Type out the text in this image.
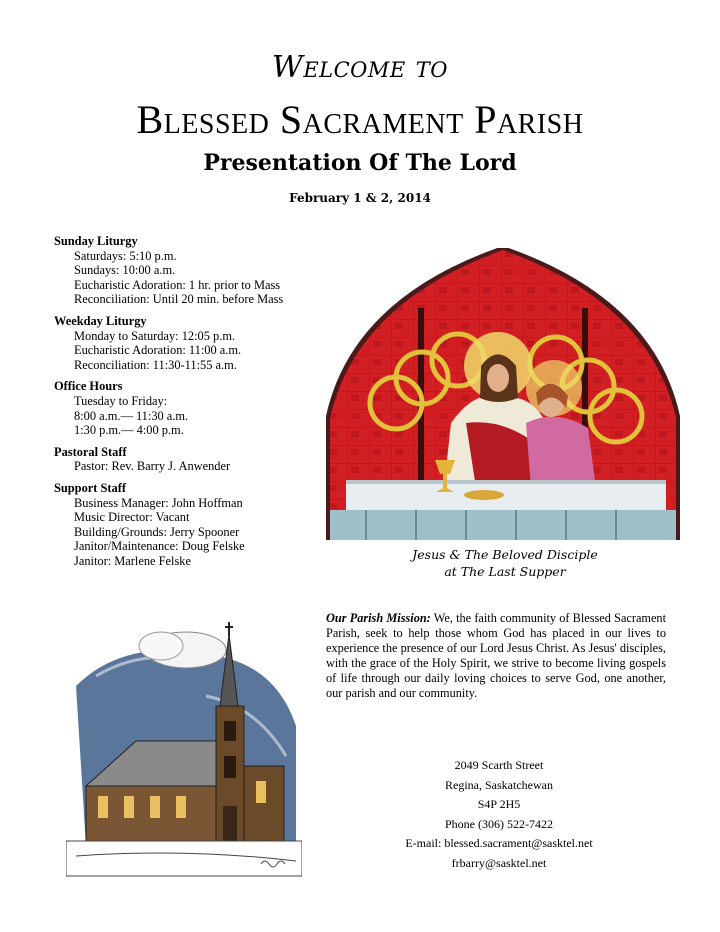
Welcome to
Blessed Sacrament Parish
Presentation Of The Lord
February 1 & 2, 2014
Sunday Liturgy
Saturdays: 5:10 p.m.
Sundays: 10:00 a.m.
Eucharistic Adoration: 1 hr. prior to Mass
Reconciliation: Until 20 min. before Mass
Weekday Liturgy
Monday to Saturday: 12:05 p.m.
Eucharistic Adoration: 11:00 a.m.
Reconciliation: 11:30-11:55 a.m.
Office Hours
Tuesday to Friday:
8:00 a.m.— 11:30 a.m.
1:30 p.m.— 4:00 p.m.
Pastoral Staff
Pastor: Rev. Barry J. Anwender
Support Staff
Business Manager: John Hoffman
Music Director: Vacant
Building/Grounds: Jerry Spooner
Janitor/Maintenance: Doug Felske
Janitor: Marlene Felske	Jesus & The Beloved Disciple
at The Last Supper
Our Parish Mission: We, the faith community of Blessed Sacrament Parish, seek to help those whom God has placed in our lives to experience the presence of our Lord Jesus Christ. As Jesus' disciples, with the grace of the Holy Spirit, we strive to become living gospels of life through our daily loving choices to serve God, one another, our parish and our community.
2049 Scarth Street
Regina, Saskatchewan
S4P 2H5
Phone (306) 522-7422
E-mail: blessed.sacrament@sasktel.net
frbarry@sasktel.net
